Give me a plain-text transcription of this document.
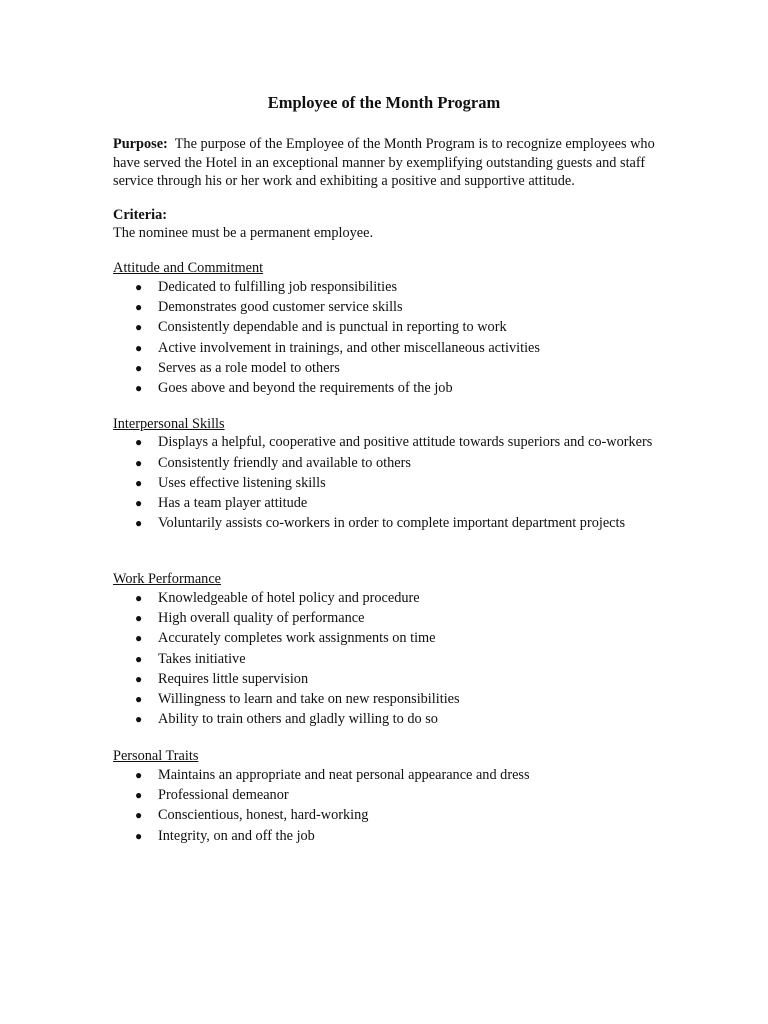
Employee of the Month Program
Purpose: The purpose of the Employee of the Month Program is to recognize employees who have served the Hotel in an exceptional manner by exemplifying outstanding guests and staff service through his or her work and exhibiting a positive and supportive attitude.
Criteria:
The nominee must be a permanent employee.
Attitude and Commitment
● Dedicated to fulfilling job responsibilities
● Demonstrates good customer service skills
● Consistently dependable and is punctual in reporting to work
● Active involvement in trainings, and other miscellaneous activities
● Serves as a role model to others
● Goes above and beyond the requirements of the job
Interpersonal Skills
● Displays a helpful, cooperative and positive attitude towards superiors and co-workers
● Consistently friendly and available to others
● Uses effective listening skills
● Has a team player attitude
● Voluntarily assists co-workers in order to complete important department projects
Work Performance
● Knowledgeable of hotel policy and procedure
● High overall quality of performance
● Accurately completes work assignments on time
● Takes initiative
● Requires little supervision
● Willingness to learn and take on new responsibilities
● Ability to train others and gladly willing to do so
Personal Traits
● Maintains an appropriate and neat personal appearance and dress
● Professional demeanor
● Conscientious, honest, hard-working
● Integrity, on and off the job
